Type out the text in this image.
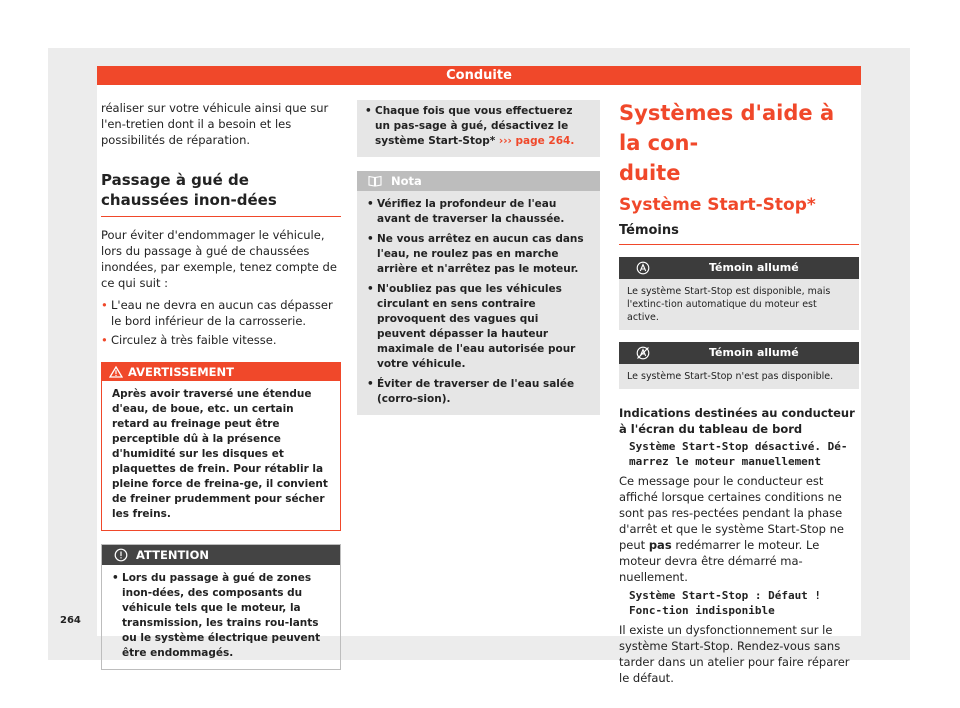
Conduite

réaliser sur votre véhicule ainsi que sur l'en-tretien dont il a besoin et les possibilités de réparation.

Passage à gué de chaussées inon-dées

Pour éviter d'endommager le véhicule, lors du passage à gué de chaussées inondées, par exemple, tenez compte de ce qui suit :

• L'eau ne devra en aucun cas dépasser le bord inférieur de la carrosserie.
• Circulez à très faible vitesse.
AVERTISSEMENT
Après avoir traversé une étendue d'eau, de boue, etc. un certain retard au freinage peut être perceptible dû à la présence d'humidité sur les disques et plaquettes de frein. Pour rétablir la pleine force de freina-ge, il convient de freiner prudemment pour sécher les freins.
ATTENTION
• Lors du passage à gué de zones inon-dées, des composants du véhicule tels que le moteur, la transmission, les trains rou-lants ou le système électrique peuvent être endommagés.
• Chaque fois que vous effectuerez un pas-sage à gué, désactivez le système Start-Stop* ››› page 264.
Nota
• Vérifiez la profondeur de l'eau avant de traverser la chaussée.
• Ne vous arrêtez en aucun cas dans l'eau, ne roulez pas en marche arrière et n'arrêtez pas le moteur.
• N'oubliez pas que les véhicules circulant en sens contraire provoquent des vagues qui peuvent dépasser la hauteur maximale de l'eau autorisée pour votre véhicule.
• Éviter de traverser de l'eau salée (corro-sion).

Systèmes d'aide à la con-

duite

Système Start-Stop*

Témoins

Témoin allumé
Le système Start-Stop est disponible, mais l'extinc-tion automatique du moteur est active.
Témoin allumé
Le système Start-Stop n'est pas disponible.

Indications destinées au conducteur à l'écran du tableau de bord

Système Start-Stop désactivé. Dé-marrez le moteur manuellement

Ce message pour le conducteur est affiché lorsque certaines conditions ne sont pas res-pectées pendant la phase d'arrêt et que le système Start-Stop ne peut pas redémarrer le moteur. Le moteur devra être démarré ma-nuellement.

Système Start-Stop : Défaut ! Fonc-tion indisponible

Il existe un dysfonctionnement sur le système Start-Stop. Rendez-vous sans tarder dans un atelier pour faire réparer le défaut.

264
